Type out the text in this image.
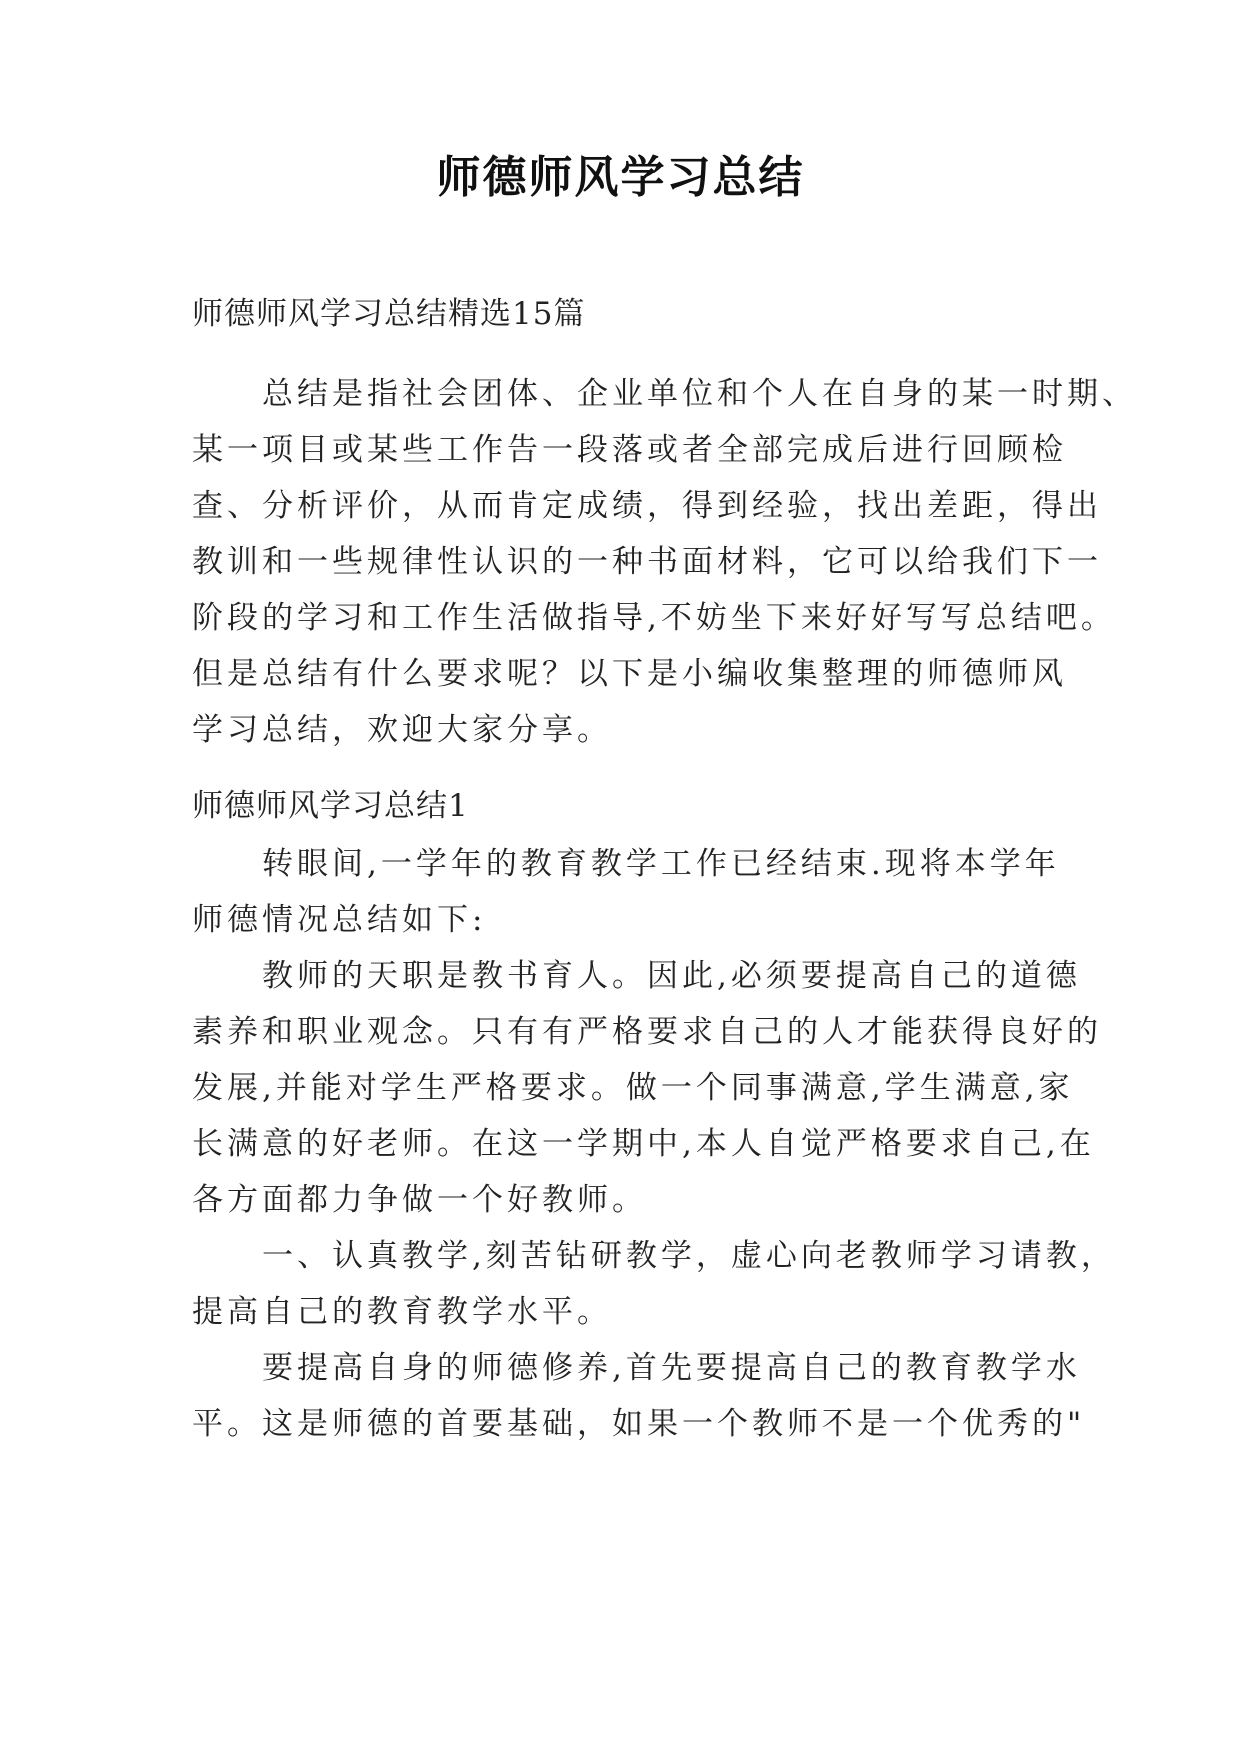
师德师风学习总结
师德师风学习总结精选15篇
　　总结是指社会团体、企业单位和个人在自身的某一时期、
某一项目或某些工作告一段落或者全部完成后进行回顾检
查、分析评价，从而肯定成绩，得到经验，找出差距，得出
教训和一些规律性认识的一种书面材料，它可以给我们下一
阶段的学习和工作生活做指导,不妨坐下来好好写写总结吧。
但是总结有什么要求呢？以下是小编收集整理的师德师风
学习总结，欢迎大家分享。
师德师风学习总结1
　　转眼间,一学年的教育教学工作已经结束.现将本学年
师德情况总结如下:
　　教师的天职是教书育人。因此,必须要提高自己的道德
素养和职业观念。只有有严格要求自己的人才能获得良好的
发展,并能对学生严格要求。做一个同事满意,学生满意,家
长满意的好老师。在这一学期中,本人自觉严格要求自己,在
各方面都力争做一个好教师。
　　一、认真教学,刻苦钻研教学，虚心向老教师学习请教，
提高自己的教育教学水平。
　　要提高自身的师德修养,首先要提高自己的教育教学水
平。这是师德的首要基础，如果一个教师不是一个优秀的"
